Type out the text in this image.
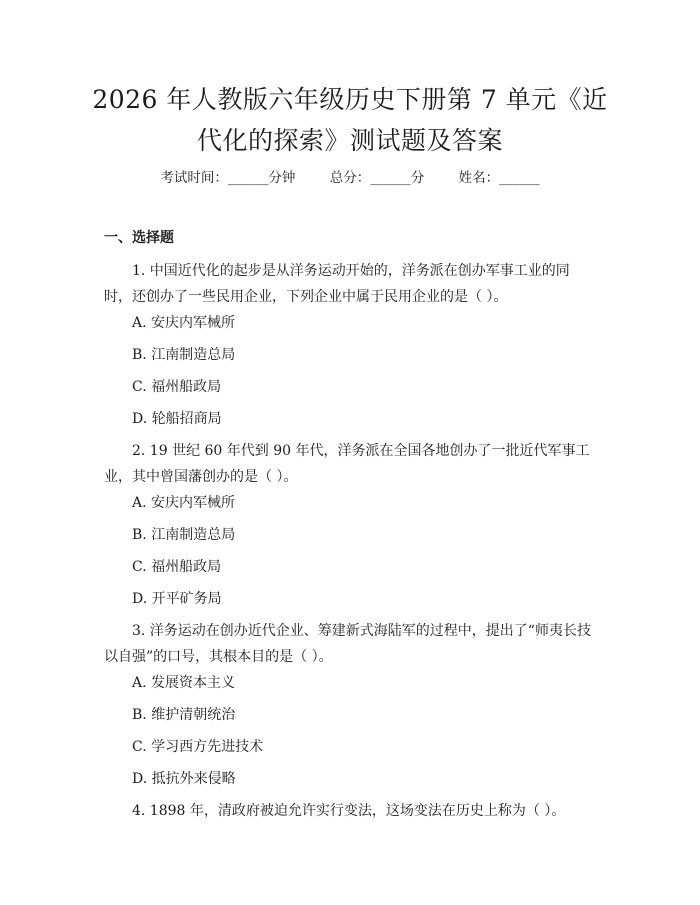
2026 年人教版六年级历史下册第 7 单元《近
代化的探索》测试题及答案
考试时间：______分钟        总分：______分        姓名：______
一、选择题

1. 中国近代化的起步是从洋务运动开始的，洋务派在创办军事工业的同时，还创办了一些民用企业，下列企业中属于民用企业的是（ ）。

A. 安庆内军械所
B. 江南制造总局
C. 福州船政局
D. 轮船招商局

2. 19 世纪 60 年代到 90 年代，洋务派在全国各地创办了一批近代军事工业，其中曾国藩创办的是（ ）。

A. 安庆内军械所
B. 江南制造总局
C. 福州船政局
D. 开平矿务局

3. 洋务运动在创办近代企业、筹建新式海陆军的过程中，提出了“师夷长技以自强”的口号，其根本目的是（ ）。

A. 发展资本主义
B. 维护清朝统治
C. 学习西方先进技术
D. 抵抗外来侵略

4. 1898 年，清政府被迫允许实行变法，这场变法在历史上称为（ ）。
